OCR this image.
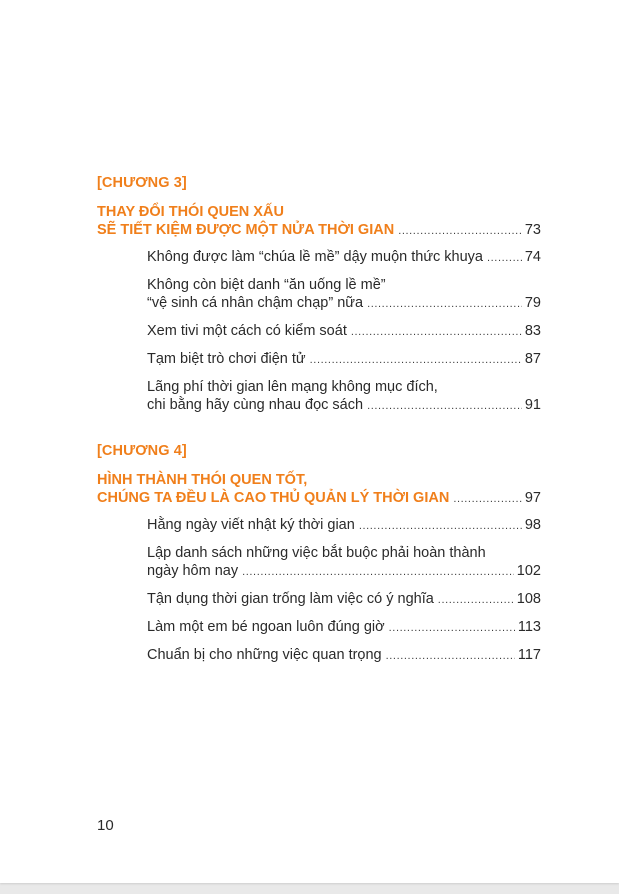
[CHƯƠNG 3]
THAY ĐỔI THÓI QUEN XẤU
SẼ TIẾT KIỆM ĐƯỢC MỘT NỬA THỜI GIAN .....	73
Không được làm “chúa lề mề” dậy muộn thức khuya .....	74
Không còn biệt danh “ăn uống lề mề”
“vệ sinh cá nhân chậm chạp” nữa .....	79
Xem tivi một cách có kiểm soát .....	83
Tạm biệt trò chơi điện tử .....	87
Lãng phí thời gian lên mạng không mục đích,
chi bằng hãy cùng nhau đọc sách .....	91
[CHƯƠNG 4]
HÌNH THÀNH THÓI QUEN TỐT,
CHÚNG TA ĐỀU LÀ CAO THỦ QUẢN LÝ THỜI GIAN .....	97
Hằng ngày viết nhật ký thời gian .....	98
Lập danh sách những việc bắt buộc phải hoàn thành
ngày hôm nay .....	102
Tận dụng thời gian trống làm việc có ý nghĩa .....	108
Làm một em bé ngoan luôn đúng giờ .....	113
Chuẩn bị cho những việc quan trọng .....	117
10
